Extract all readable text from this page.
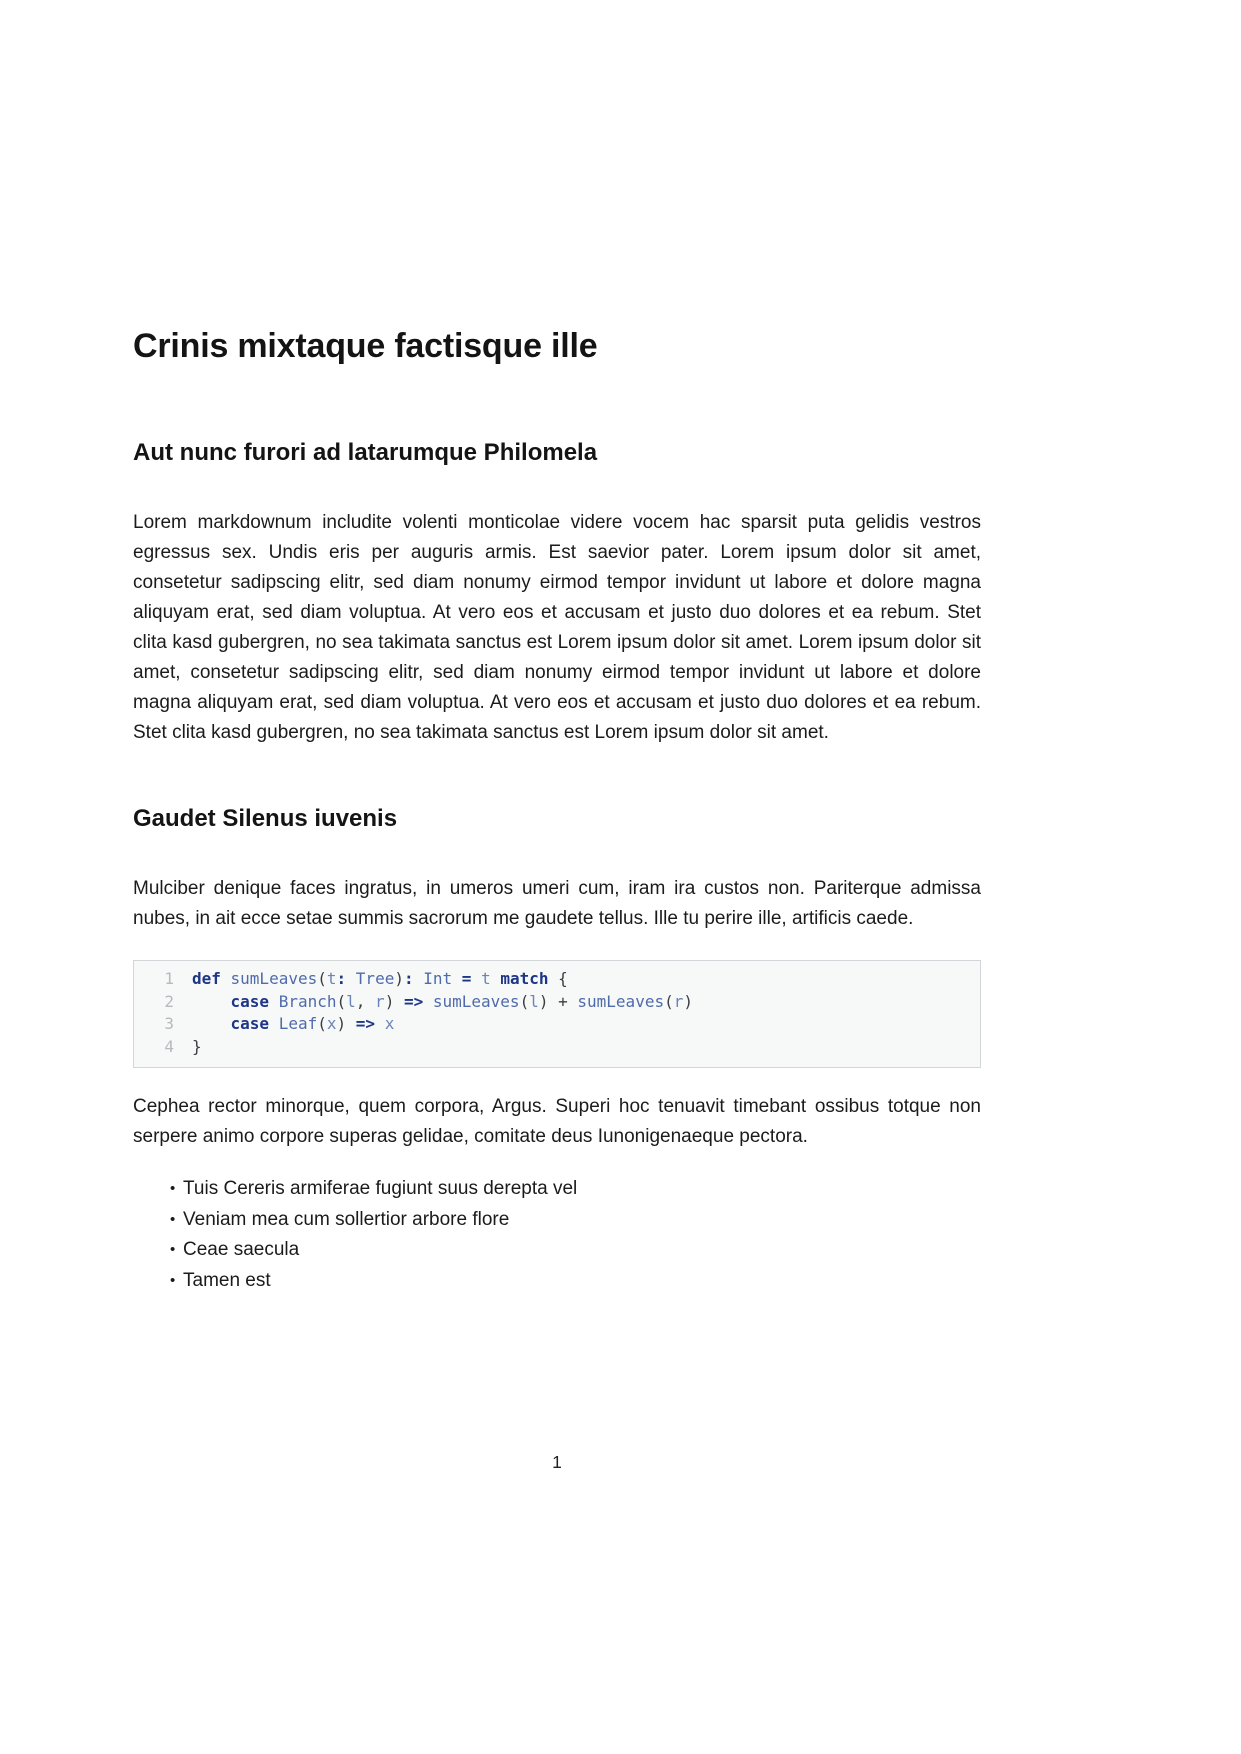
Crinis mixtaque factisque ille
Aut nunc furori ad latarumque Philomela

Lorem markdownum includite volenti monticolae videre vocem hac sparsit puta gelidis vestros egressus sex. Undis eris per auguris armis. Est saevior pater. Lorem ipsum dolor sit amet, consetetur sadipscing elitr, sed diam nonumy eirmod tempor invidunt ut labore et dolore magna aliquyam erat, sed diam voluptua. At vero eos et accusam et justo duo dolores et ea rebum. Stet clita kasd gubergren, no sea takimata sanctus est Lorem ipsum dolor sit amet. Lorem ipsum dolor sit amet, consetetur sadipscing elitr, sed diam nonumy eirmod tempor invidunt ut labore et dolore magna aliquyam erat, sed diam voluptua. At vero eos et accusam et justo duo dolores et ea rebum. Stet clita kasd gubergren, no sea takimata sanctus est Lorem ipsum dolor sit amet.

Gaudet Silenus iuvenis

Mulciber denique faces ingratus, in umeros umeri cum, iram ira custos non. Pariterque admissa nubes, in ait ecce setae summis sacrorum me gaudete tellus. Ille tu perire ille, artificis caede.

1 def sumLeaves(t: Tree): Int = t match {
2	case Branch(l, r) => sumLeaves(l) + sumLeaves(r)
3	case Leaf(x) => x
4 }

Cephea rector minorque, quem corpora, Argus. Superi hoc tenuavit timebant ossibus totque non serpere animo corpore superas gelidae, comitate deus Iunonigenaeque pectora.

• Tuis Cereris armiferae fugiunt suus derepta vel
• Veniam mea cum sollertior arbore flore
• Ceae saecula
• Tamen est
1
